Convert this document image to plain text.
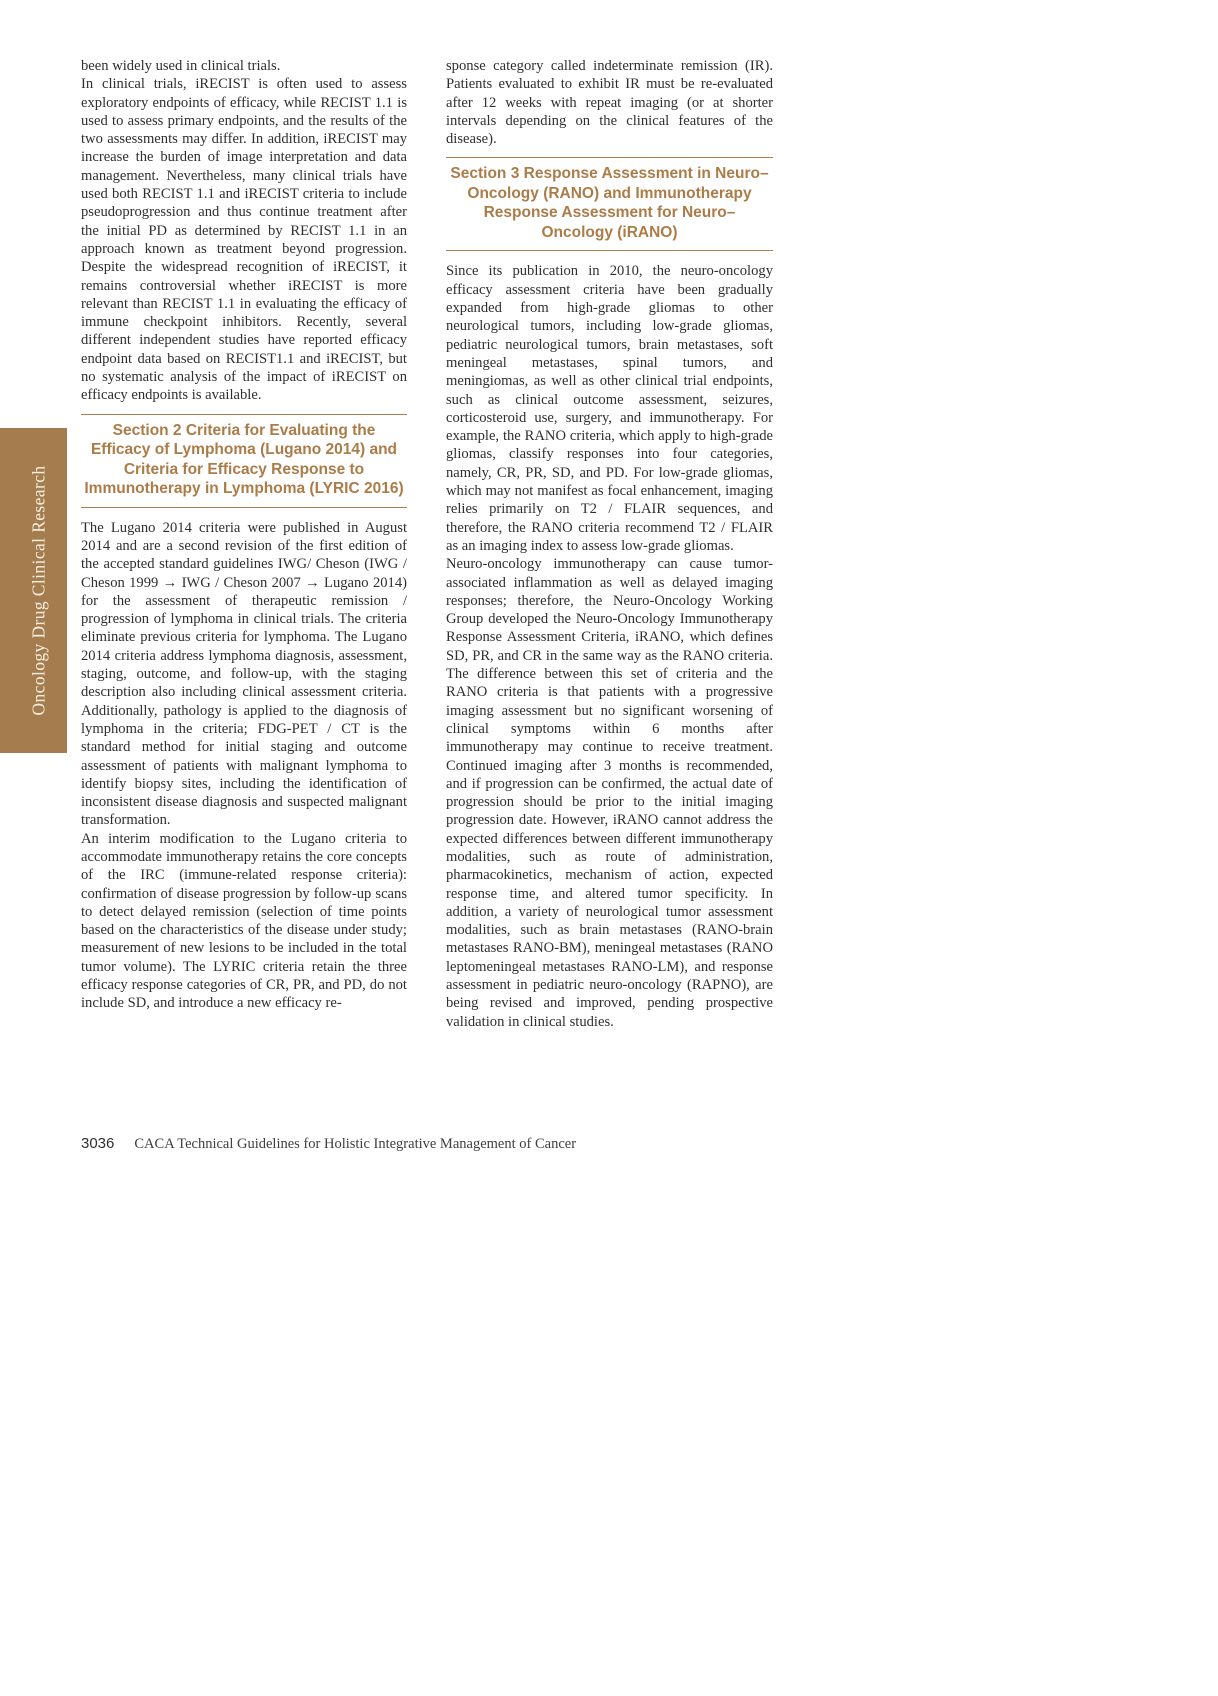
Oncology Drug Clinical Research

been widely used in clinical trials.

In clinical trials, iRECIST is often used to assess exploratory endpoints of efficacy, while RECIST 1.1 is used to assess primary endpoints, and the results of the two assessments may differ. In addition, iRECIST may increase the burden of image interpretation and data management. Nevertheless, many clinical trials have used both RECIST 1.1 and iRECIST criteria to include pseudoprogression and thus continue treatment after the initial PD as determined by RECIST 1.1 in an approach known as treatment beyond progression. Despite the widespread recognition of iRECIST, it remains controversial whether iRECIST is more relevant than RECIST 1.1 in evaluating the efficacy of immune checkpoint inhibitors. Recently, several different independent studies have reported efficacy endpoint data based on RECIST1.1 and iRECIST, but no systematic analysis of the impact of iRECIST on efficacy endpoints is available.

Section 2 Criteria for Evaluating the Efficacy of Lymphoma (Lugano 2014) and Criteria for Efficacy Response to Immunotherapy in Lymphoma (LYRIC 2016)

The Lugano 2014 criteria were published in August 2014 and are a second revision of the first edition of the accepted standard guidelines IWG/ Cheson (IWG / Cheson 1999 → IWG / Cheson 2007 → Lugano 2014) for the assessment of therapeutic remission / progression of lymphoma in clinical trials. The criteria eliminate previous criteria for lymphoma. The Lugano 2014 criteria address lymphoma diagnosis, assessment, staging, outcome, and follow-up, with the staging description also including clinical assessment criteria. Additionally, pathology is applied to the diagnosis of lymphoma in the criteria; FDG-PET / CT is the standard method for initial staging and outcome assessment of patients with malignant lymphoma to identify biopsy sites, including the identification of inconsistent disease diagnosis and suspected malignant transformation.

An interim modification to the Lugano criteria to accommodate immunotherapy retains the core concepts of the IRC (immune-related response criteria): confirmation of disease progression by follow-up scans to detect delayed remission (selection of time points based on the characteristics of the disease under study; measurement of new lesions to be included in the total tumor volume). The LYRIC criteria retain the three efficacy response categories of CR, PR, and PD, do not include SD, and introduce a new efficacy re-

sponse category called indeterminate remission (IR). Patients evaluated to exhibit IR must be re-evaluated after 12 weeks with repeat imaging (or at shorter intervals depending on the clinical features of the disease).

Section 3 Response Assessment in Neuro–Oncology (RANO) and Immunotherapy Response Assessment for Neuro–Oncology (iRANO)

Since its publication in 2010, the neuro-oncology efficacy assessment criteria have been gradually expanded from high-grade gliomas to other neurological tumors, including low-grade gliomas, pediatric neurological tumors, brain metastases, soft meningeal metastases, spinal tumors, and meningiomas, as well as other clinical trial endpoints, such as clinical outcome assessment, seizures, corticosteroid use, surgery, and immunotherapy. For example, the RANO criteria, which apply to high-grade gliomas, classify responses into four categories, namely, CR, PR, SD, and PD. For low-grade gliomas, which may not manifest as focal enhancement, imaging relies primarily on T2 / FLAIR sequences, and therefore, the RANO criteria recommend T2 / FLAIR as an imaging index to assess low-grade gliomas.

Neuro-oncology immunotherapy can cause tumor-associated inflammation as well as delayed imaging responses; therefore, the Neuro-Oncology Working Group developed the Neuro-Oncology Immunotherapy Response Assessment Criteria, iRANO, which defines SD, PR, and CR in the same way as the RANO criteria. The difference between this set of criteria and the RANO criteria is that patients with a progressive imaging assessment but no significant worsening of clinical symptoms within 6 months after immunotherapy may continue to receive treatment. Continued imaging after 3 months is recommended, and if progression can be confirmed, the actual date of progression should be prior to the initial imaging progression date. However, iRANO cannot address the expected differences between different immunotherapy modalities, such as route of administration, pharmacokinetics, mechanism of action, expected response time, and altered tumor specificity. In addition, a variety of neurological tumor assessment modalities, such as brain metastases (RANO-brain metastases RANO-BM), meningeal metastases (RANO leptomeningeal metastases RANO-LM), and response assessment in pediatric neuro-oncology (RAPNO), are being revised and improved, pending prospective validation in clinical studies.

3036 CACA Technical Guidelines for Holistic Integrative Management of Cancer
